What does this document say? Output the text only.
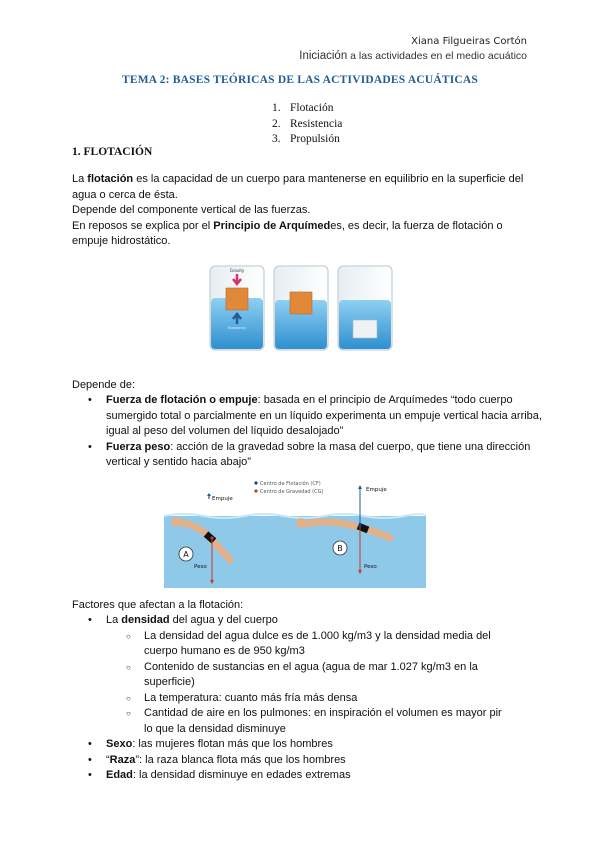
Xiana Filgueiras Cortón
Iniciación a las actividades en el medio acuático
TEMA 2: BASES TEÓRICAS DE LAS ACTIVIDADES ACUÁTICAS
1. Flotación
2. Resistencia
3. Propulsión
1. FLOTACIÓN
La flotación es la capacidad de un cuerpo para mantenerse en equilibrio en la superficie del agua o cerca de ésta.
Depende del componente vertical de las fuerzas.
En reposos se explica por el Principio de Arquímedes, es decir, la fuerza de flotación o empuje hidrostático.
Gravity
Buoyancy
Depende de:
• Fuerza de flotación o empuje: basada en el principio de Arquímedes “todo cuerpo sumergido total o parcialmente en un líquido experimenta un empuje vertical hacia arriba, igual al peso del volumen del líquido desalojado”
• Fuerza peso: acción de la gravedad sobre la masa del cuerpo, que tiene una dirección vertical y sentido hacia abajo”
Centro de Flotación (CF)
Centro de Gravedad (CG)
Empuje
Peso
A
Empuje
Peso
B
Factores que afectan a la flotación:
• La densidad del agua y del cuerpo
○ La densidad del agua dulce es de 1.000 kg/m3 y la densidad media del cuerpo humano es de 950 kg/m3
○ Contenido de sustancias en el agua (agua de mar 1.027 kg/m3 en la superficie)
○ La temperatura: cuanto más fría más densa
○ Cantidad de aire en los pulmones: en inspiración el volumen es mayor pir lo que la densidad disminuye
• Sexo: las mujeres flotan más que los hombres
• “Raza”: la raza blanca flota más que los hombres
• Edad: la densidad disminuye en edades extremas
